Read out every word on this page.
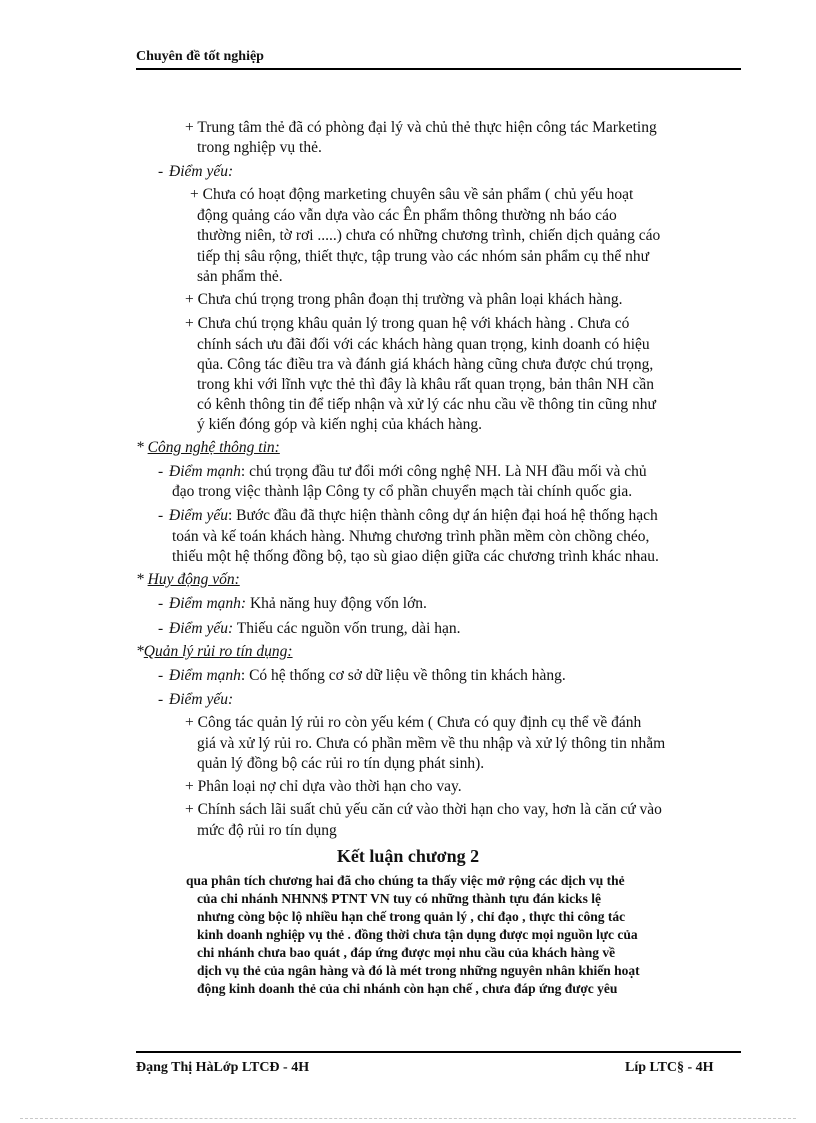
Chuyên đề tốt nghiệp
+ Trung tâm thẻ đã có phòng đại lý và chủ thẻ thực hiện công tác Marketing
trong nghiệp vụ thẻ.
- Điểm yếu:
+ Chưa có hoạt động marketing chuyên sâu về sản phẩm ( chủ yếu hoạt
động quảng cáo vẫn dựa vào các Ên phẩm thông thường nh báo cáo
thường niên, tờ rơi .....) chưa có những chương trình, chiến dịch quảng cáo
tiếp thị sâu rộng, thiết thực, tập trung vào các nhóm sản phẩm cụ thể như
sản phẩm thẻ.
+ Chưa chú trọng trong phân đoạn thị trường và phân loại khách hàng.
+ Chưa chú trọng khâu quản lý trong quan hệ với khách hàng . Chưa có
chính sách ưu đãi đối với các khách hàng quan trọng, kinh doanh có hiệu
qủa. Công tác điều tra và đánh giá khách hàng cũng chưa được chú trọng,
trong khi với lĩnh vực thẻ thì đây là khâu rất quan trọng, bản thân NH cần
có kênh thông tin để tiếp nhận và xử lý các nhu cầu về thông tin cũng như
ý kiến đóng góp và kiến nghị của khách hàng.
* Công nghệ thông tin:
- Điểm mạnh: chú trọng đầu tư đổi mới công nghệ NH. Là NH đầu mối và chủ
đạo trong việc thành lập Công ty cổ phần chuyển mạch tài chính quốc gia.
- Điểm yếu: Bước đầu đã thực hiện thành công dự án hiện đại hoá hệ thống hạch
toán và kế toán khách hàng. Nhưng chương trình phần mềm còn chồng chéo,
thiếu một hệ thống đồng bộ, tạo sù giao diện giữa các chương trình khác nhau.
* Huy động vốn:
- Điểm mạnh: Khả năng huy động vốn lớn.
- Điểm yếu: Thiếu các nguồn vốn trung, dài hạn.
*Quản lý rủi ro tín dụng:
- Điểm mạnh: Có hệ thống cơ sở dữ liệu về thông tin khách hàng.
- Điểm yếu:
+ Công tác quản lý rủi ro còn yếu kém ( Chưa có quy định cụ thể về đánh
giá và xử lý rủi ro. Chưa có phần mềm về thu nhập và xử lý thông tin nhằm
quản lý đồng bộ các rủi ro tín dụng phát sinh).
+ Phân loại nợ chỉ dựa vào thời hạn cho vay.
+ Chính sách lãi suất chủ yếu căn cứ vào thời hạn cho vay, hơn là căn cứ vào
mức độ rủi ro tín dụng
Kết luận chương 2
qua phân tích chương hai đã cho chúng ta thấy việc mở rộng các dịch vụ thẻ
của chi nhánh NHNN$ PTNT VN tuy có những thành tựu đán kicks lệ
nhưng còng bộc lộ nhiều hạn chế trong quản lý , chỉ đạo , thực thi công tác
kinh doanh nghiệp vụ thẻ . đồng thời chưa tận dụng được mọi nguồn lực của
chi nhánh chưa bao quát , đáp ứng được mọi nhu cầu của khách hàng về
dịch vụ thẻ của ngân hàng và đó là mét trong những nguyên nhân khiến hoạt
động kinh doanh thẻ của chi nhánh còn hạn chế , chưa đáp ứng được yêu
Đạng Thị HàLớp LTCĐ - 4H	Líp LTC§ - 4H
